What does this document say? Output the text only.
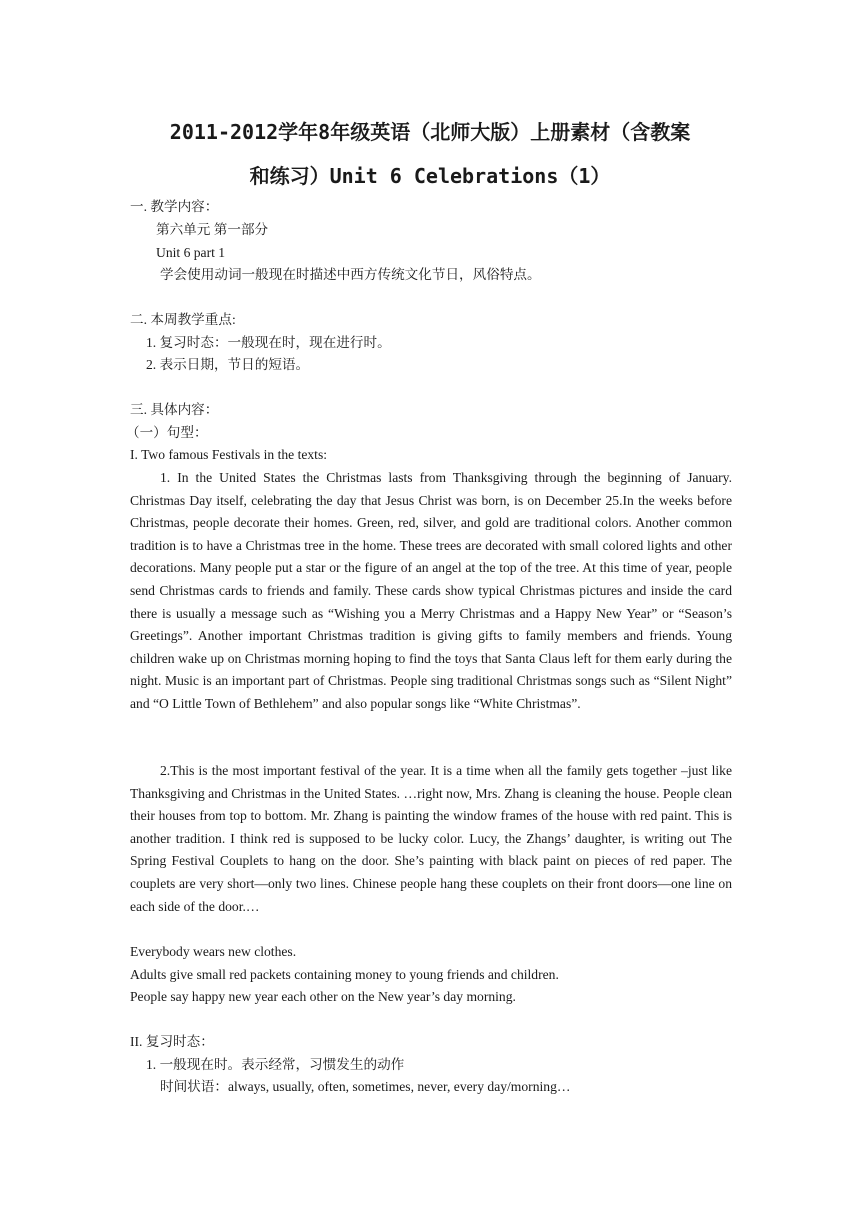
2011-2012学年8年级英语（北师大版）上册素材（含教案
和练习）Unit 6 Celebrations（1）
一. 教学内容：
第六单元 第一部分
Unit 6 part 1
学会使用动词一般现在时描述中西方传统文化节日，风俗特点。
二. 本周教学重点:
1. 复习时态：一般现在时，现在进行时。
2. 表示日期，节日的短语。
三. 具体内容：
（一）句型：
I. Two famous Festivals in the texts:
1. In the United States the Christmas lasts from Thanksgiving through the beginning of January. Christmas Day itself, celebrating the day that Jesus Christ was born, is on December 25.In the weeks before Christmas, people decorate their homes. Green, red, silver, and gold are traditional colors. Another common tradition is to have a Christmas tree in the home. These trees are decorated with small colored lights and other decorations. Many people put a star or the figure of an angel at the top of the tree. At this time of year, people send Christmas cards to friends and family. These cards show typical Christmas pictures and inside the card there is usually a message such as “Wishing you a Merry Christmas and a Happy New Year” or “Season’s Greetings”. Another important Christmas tradition is giving gifts to family members and friends. Young children wake up on Christmas morning hoping to find the toys that Santa Claus left for them early during the night. Music is an important part of Christmas. People sing traditional Christmas songs such as “Silent Night” and “O Little Town of Bethlehem” and also popular songs like “White Christmas”.
2.This is the most important festival of the year. It is a time when all the family gets together –just like Thanksgiving and Christmas in the United States. …right now, Mrs. Zhang is cleaning the house. People clean their houses from top to bottom. Mr. Zhang is painting the window frames of the house with red paint. This is another tradition. I think red is supposed to be lucky color. Lucy, the Zhangs’ daughter, is writing out The Spring Festival Couplets to hang on the door. She’s painting with black paint on pieces of red paper. The couplets are very short—only two lines. Chinese people hang these couplets on their front doors—one line on each side of the door.…
Everybody wears new clothes.
Adults give small red packets containing money to young friends and children.
People say happy new year each other on the New year’s day morning.
II. 复习时态：
1. 一般现在时。表示经常，习惯发生的动作
时间状语：always, usually, often, sometimes, never, every day/morning…
